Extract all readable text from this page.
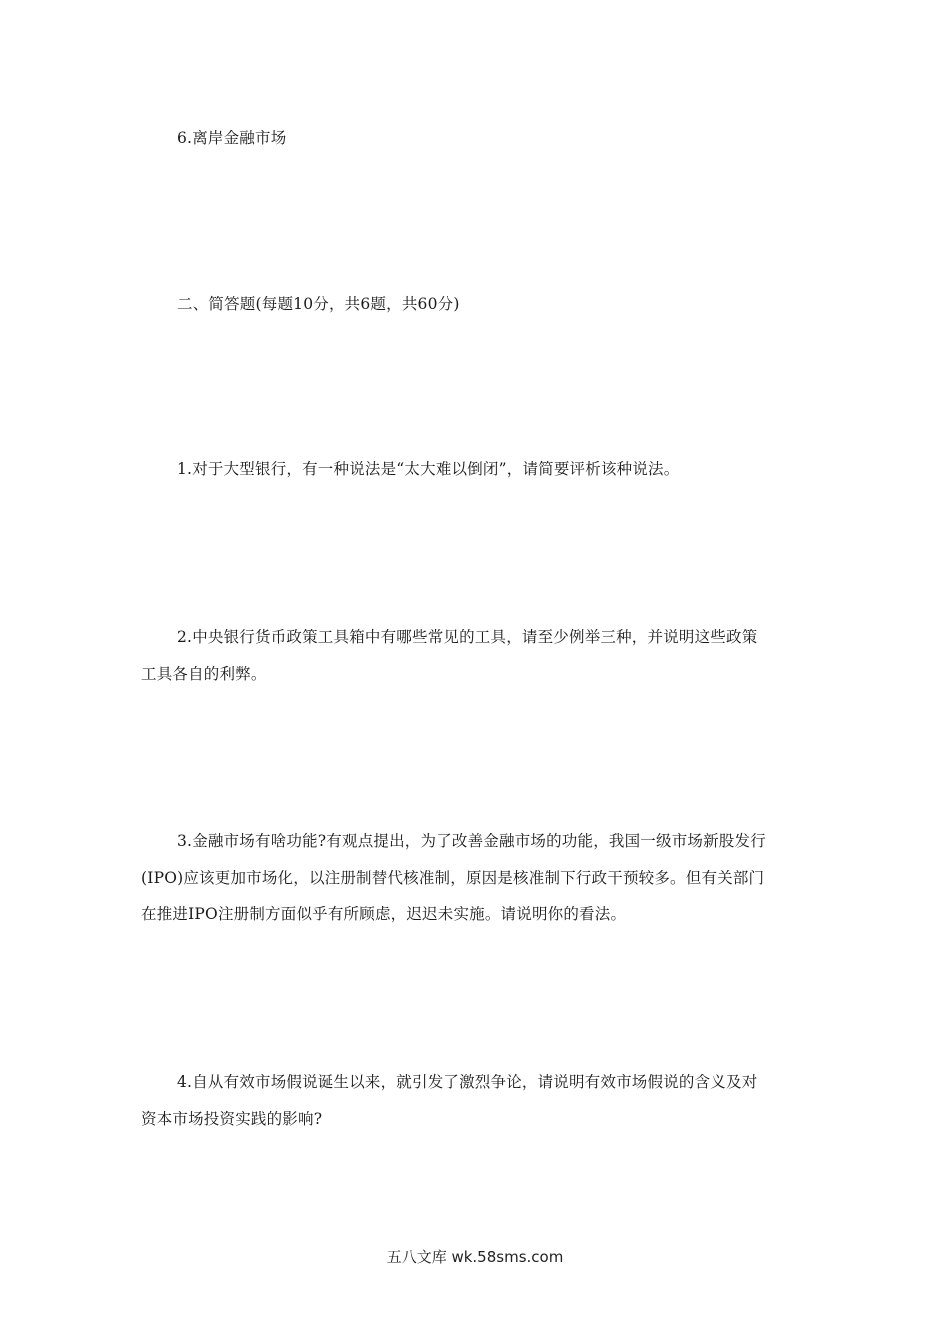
6.离岸金融市场
二、简答题(每题10分，共6题，共60分)
1.对于大型银行，有一种说法是“太大难以倒闭”，请简要评析该种说法。
2.中央银行货币政策工具箱中有哪些常见的工具，请至少例举三种，并说明这些政策
工具各自的利弊。
3.金融市场有啥功能?有观点提出，为了改善金融市场的功能，我国一级市场新股发行
(IPO)应该更加市场化，以注册制替代核准制，原因是核准制下行政干预较多。但有关部门
在推进IPO注册制方面似乎有所顾虑，迟迟未实施。请说明你的看法。
4.自从有效市场假说诞生以来，就引发了激烈争论，请说明有效市场假说的含义及对
资本市场投资实践的影响?
五八文库 wk.58sms.com
